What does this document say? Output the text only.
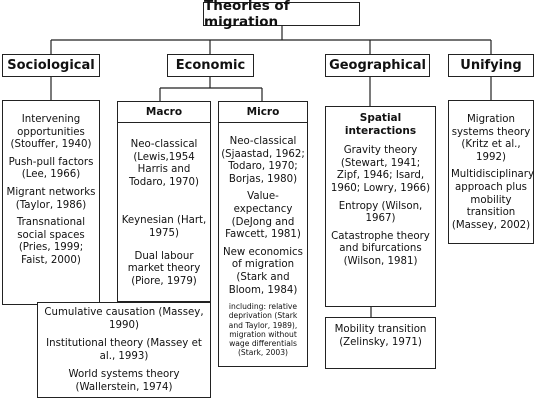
Theories of migration
Sociological	Economic	Geographical	Unifying

Intervening opportunities (Stouffer, 1940)

Push-pull factors (Lee, 1966)

Migrant networks (Taylor, 1986)

Transnational social spaces (Pries, 1999; Faist, 2000)

Macro

Neo-classical (Lewis,1954 Harris and Todaro, 1970)

Keynesian (Hart, 1975)

Dual labour market theory (Piore, 1979)

Micro

Neo-classical (Sjaastad, 1962; Todaro, 1970; Borjas, 1980)

Value-expectancy (DeJong and Fawcett, 1981)

New economics of migration (Stark and Bloom, 1984)

including: relative deprivation (Stark and Taylor, 1989), migration without wage differentials (Stark, 2003)

Cumulative causation (Massey, 1990)

Institutional theory (Massey et al., 1993)

World systems theory (Wallerstein, 1974)

Spatial interactions

Gravity theory (Stewart, 1941; Zipf, 1946; Isard, 1960; Lowry, 1966)

Entropy (Wilson, 1967)

Catastrophe theory and bifurcations (Wilson, 1981)

Mobility transition (Zelinsky, 1971)

Migration systems theory (Kritz et al., 1992)

Multidisciplinary approach plus mobility transition (Massey, 2002)
